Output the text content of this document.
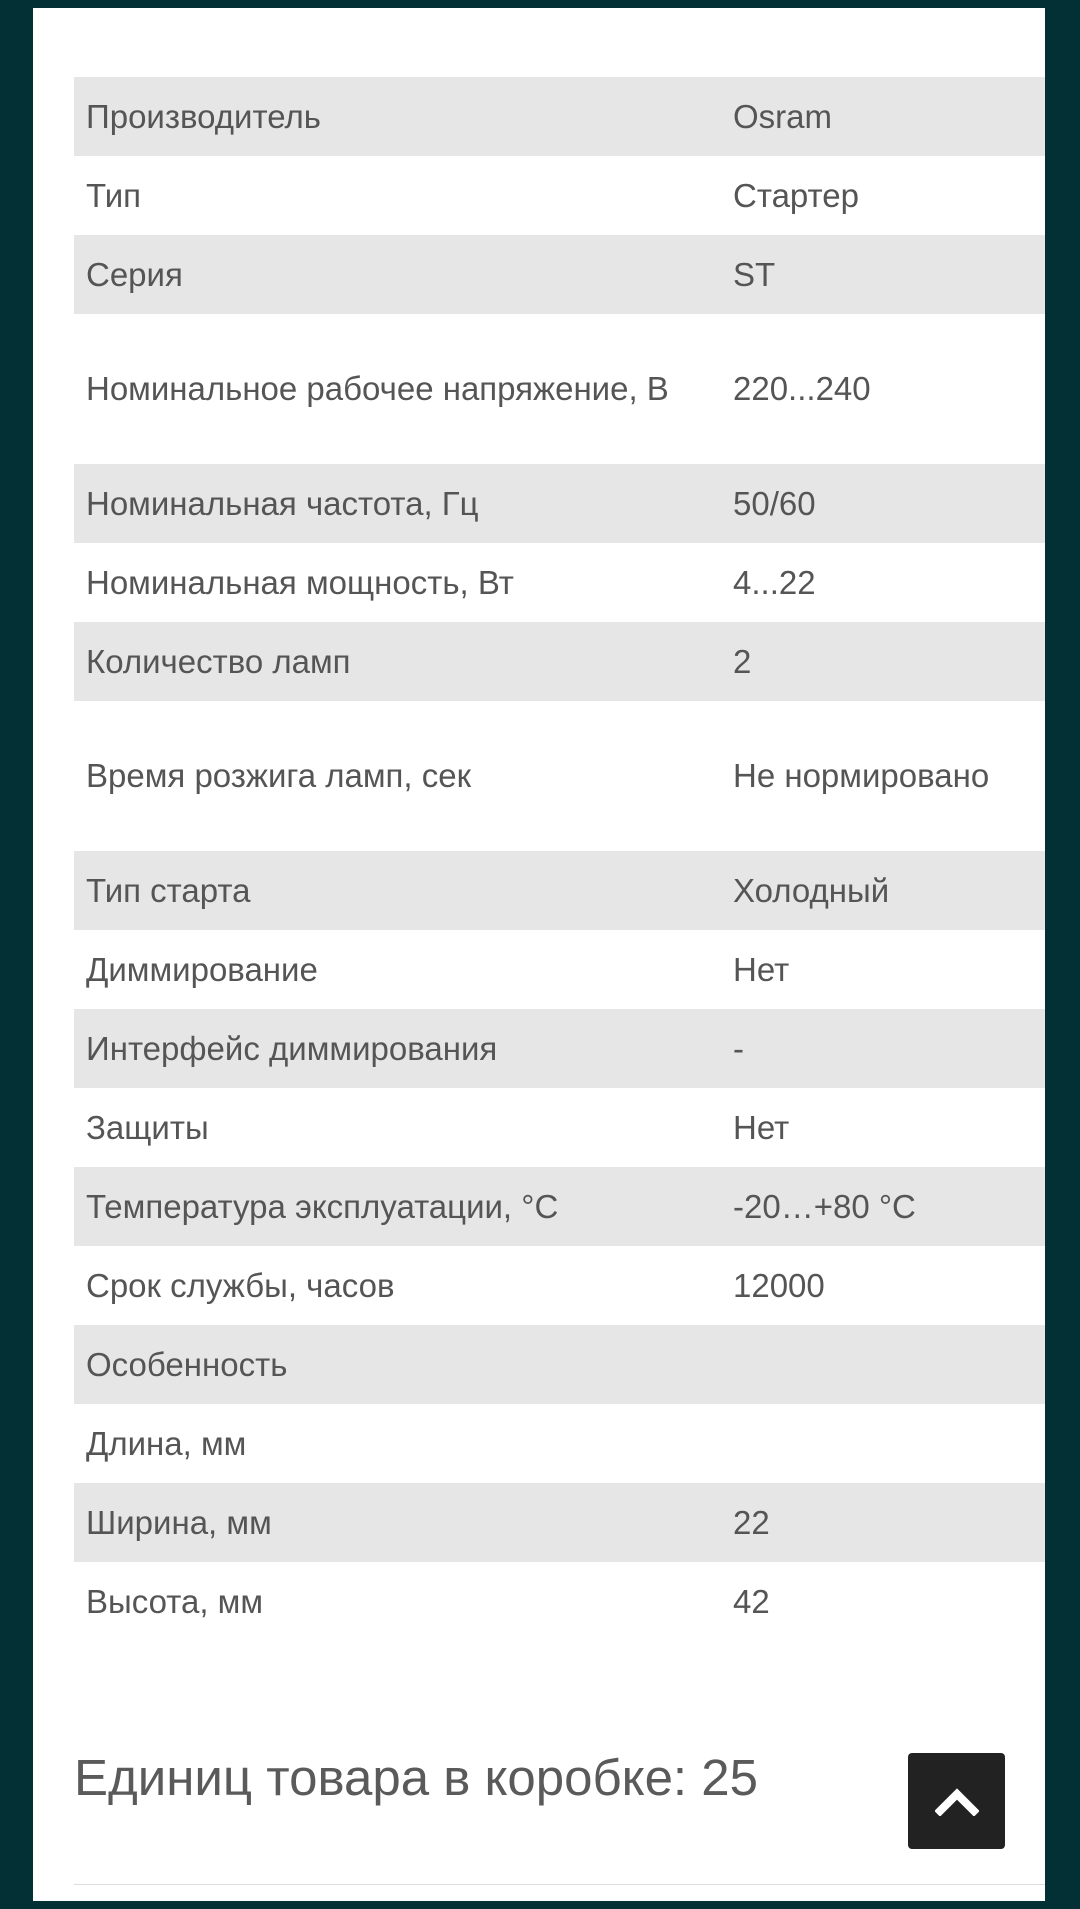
Производитель	Osram
Тип	Стартер
Серия	ST
Номинальное рабочее напряжение, В	220...240
Номинальная частота, Гц	50/60
Номинальная мощность, Вт	4...22
Количество ламп	2
Время розжига ламп, сек	Не нормировано
Тип старта	Холодный
Диммирование	Нет
Интерфейс диммирования	-
Защиты	Нет
Температура эксплуатации, °C	-20…+80 °C
Срок службы, часов	12000
Особенность	
Длина, мм	
Ширина, мм	22
Высота, мм	42

Единиц товара в коробке: 25
